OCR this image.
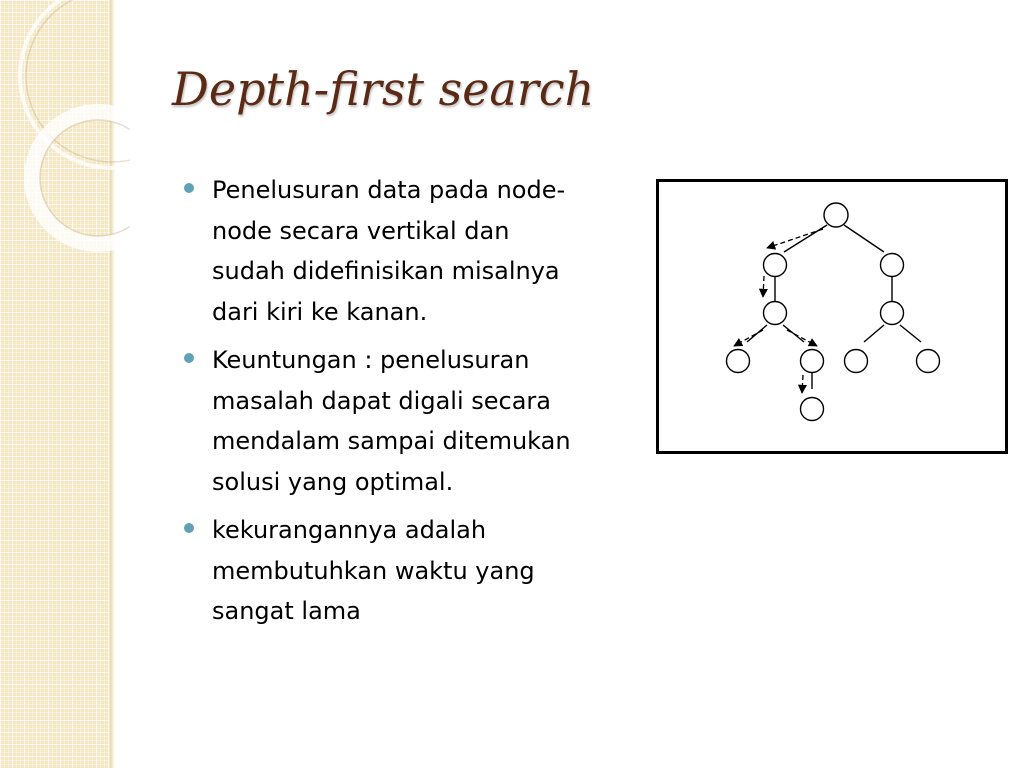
Depth-first search
Penelusuran data pada node-
node secara vertikal dan
sudah didefinisikan misalnya
dari kiri ke kanan.
Keuntungan : penelusuran
masalah dapat digali secara
mendalam sampai ditemukan
solusi yang optimal.
kekurangannya adalah
membutuhkan waktu yang
sangat lama
